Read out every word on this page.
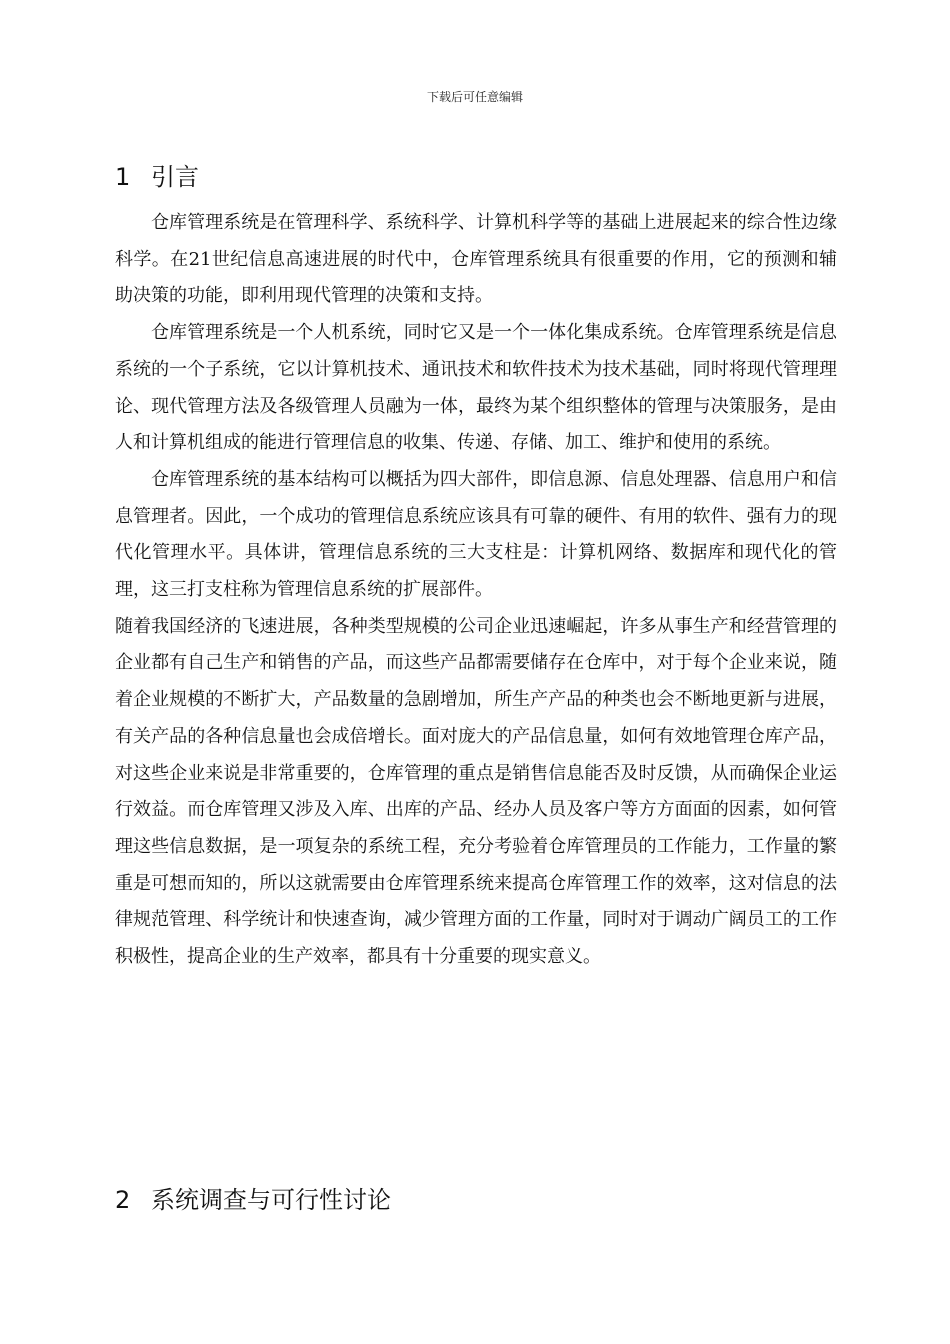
下载后可任意编辑
1 引言

仓库管理系统是在管理科学、系统科学、计算机科学等的基础上进展起来的综合性边缘科学。在21世纪信息高速进展的时代中，仓库管理系统具有很重要的作用，它的预测和辅助决策的功能，即利用现代管理的决策和支持。

仓库管理系统是一个人机系统，同时它又是一个一体化集成系统。仓库管理系统是信息系统的一个子系统，它以计算机技术、通讯技术和软件技术为技术基础，同时将现代管理理论、现代管理方法及各级管理人员融为一体，最终为某个组织整体的管理与决策服务，是由人和计算机组成的能进行管理信息的收集、传递、存储、加工、维护和使用的系统。

仓库管理系统的基本结构可以概括为四大部件，即信息源、信息处理器、信息用户和信息管理者。因此，一个成功的管理信息系统应该具有可靠的硬件、有用的软件、强有力的现代化管理水平。具体讲，管理信息系统的三大支柱是：计算机网络、数据库和现代化的管理，这三打支柱称为管理信息系统的扩展部件。

随着我国经济的飞速进展，各种类型规模的公司企业迅速崛起，许多从事生产和经营管理的企业都有自己生产和销售的产品，而这些产品都需要储存在仓库中，对于每个企业来说，随着企业规模的不断扩大，产品数量的急剧增加，所生产产品的种类也会不断地更新与进展，有关产品的各种信息量也会成倍增长。面对庞大的产品信息量，如何有效地管理仓库产品，对这些企业来说是非常重要的，仓库管理的重点是销售信息能否及时反馈，从而确保企业运行效益。而仓库管理又涉及入库、出库的产品、经办人员及客户等方方面面的因素，如何管理这些信息数据，是一项复杂的系统工程，充分考验着仓库管理员的工作能力，工作量的繁重是可想而知的，所以这就需要由仓库管理系统来提高仓库管理工作的效率，这对信息的法律规范管理、科学统计和快速查询，减少管理方面的工作量，同时对于调动广阔员工的工作积极性，提高企业的生产效率，都具有十分重要的现实意义。

2 系统调查与可行性讨论
